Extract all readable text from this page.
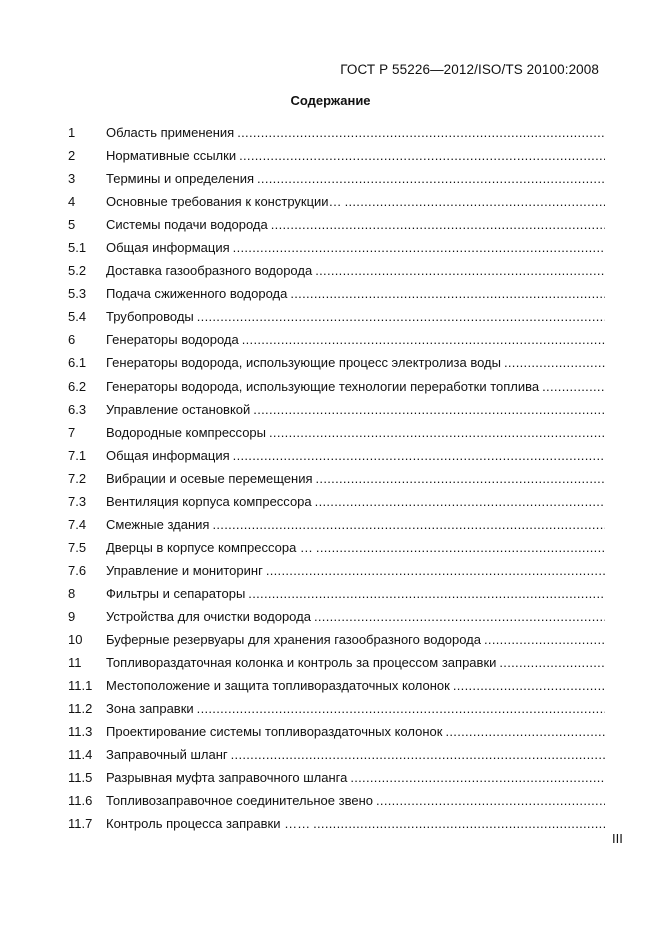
ГОСТ Р 55226—2012/ISO/TS 20100:2008
Содержание
1	Область применения
.....
2	Нормативные ссылки
.....
3	Термины и определения
.....
4	Основные требования к конструкции…
.....
5	Системы подачи водорода
.....
5.1	Общая информация
.....
5.2	Доставка газообразного водорода
.....
5.3	Подача сжиженного водорода
.....
5.4	Трубопроводы
.....
6	Генераторы водорода
.....
6.1	Генераторы водорода, использующие процесс электролиза воды
.....
6.2	Генераторы водорода, использующие технологии переработки топлива
.....
6.3	Управление остановкой
.....
7	Водородные компрессоры
.....
7.1	Общая информация
.....
7.2	Вибрации и осевые перемещения
.....
7.3	Вентиляция корпуса компрессора
.....
7.4	Смежные здания
.....
7.5	Дверцы в корпусе компрессора …
.....
7.6	Управление и мониторинг
.....
8	Фильтры и сепараторы
.....
9	Устройства для очистки водорода
.....
10	Буферные резервуары для хранения газообразного водорода
.....
11	Топливораздаточная колонка и контроль за процессом заправки
.....
11.1	Местоположение и защита топливораздаточных колонок
.....
11.2	Зона заправки
.....
11.3	Проектирование системы топливораздаточных колонок
.....
11.4	Заправочный шланг
.....
11.5	Разрывная муфта заправочного шланга
.....
11.6	Топливозаправочное соединительное звено
.....
11.7	Контроль процесса заправки ……
.....
III
